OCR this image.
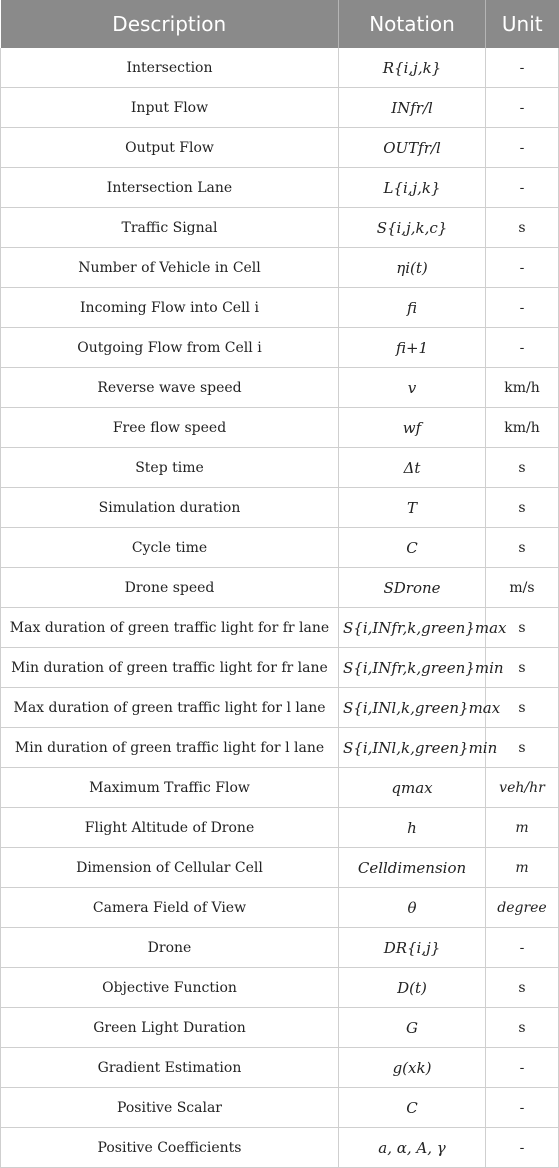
Description	Notation	Unit
Intersection	R{i,j,k}	-
Input Flow	INfr/l	-
Output Flow	OUTfr/l	-
Intersection Lane	L{i,j,k}	-
Traffic Signal	S{i,j,k,c}	s
Number of Vehicle in Cell	ηi(t)	-
Incoming Flow into Cell i	fi	-
Outgoing Flow from Cell i	fi+1	-
Reverse wave speed	v	km/h
Free flow speed	wf	km/h
Step time	Δt	s
Simulation duration	T	s
Cycle time	C	s
Drone speed	SDrone	m/s
Max duration of green traffic light for fr lane	S{i,INfr,k,green}max	s
Min duration of green traffic light for fr lane	S{i,INfr,k,green}min	s
Max duration of green traffic light for l lane	S{i,INl,k,green}max	s
Min duration of green traffic light for l lane	S{i,INl,k,green}min	s
Maximum Traffic Flow	qmax	veh/hr
Flight Altitude of Drone	h	m
Dimension of Cellular Cell	Celldimension	m
Camera Field of View	θ	degree
Drone	DR{i,j}	-
Objective Function	D(t)	s
Green Light Duration	G	s
Gradient Estimation	g(xk)	-
Positive Scalar	C	-
Positive Coefficients	a, α, A, γ	-
